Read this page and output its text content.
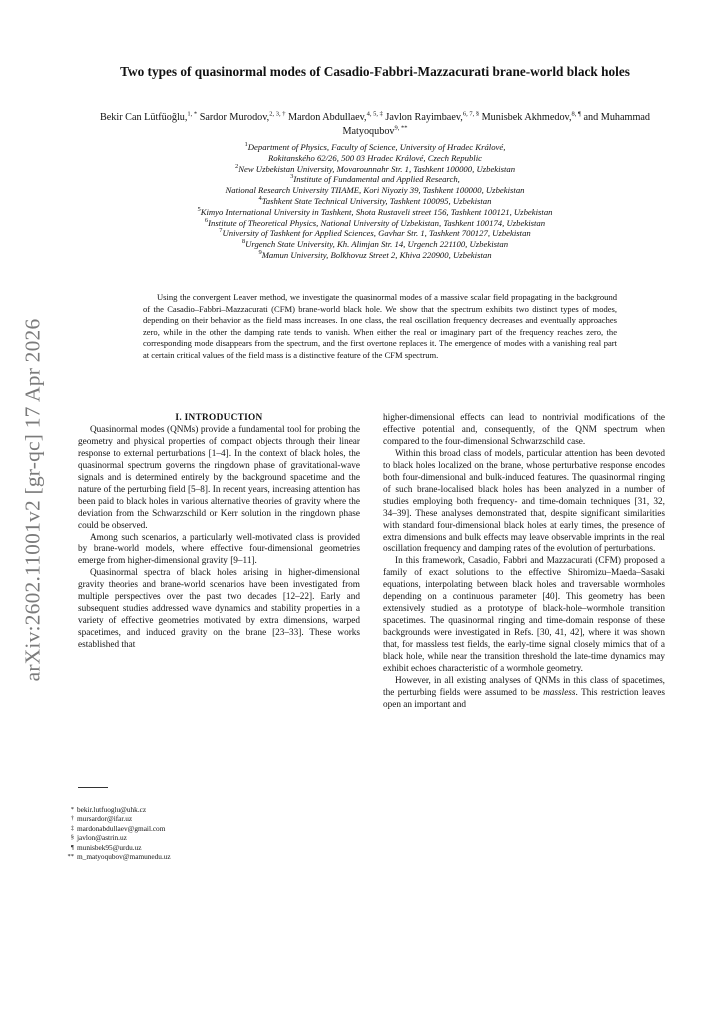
arXiv:2602.11001v2 [gr-qc] 17 Apr 2026
Two types of quasinormal modes of Casadio-Fabbri-Mazzacurati brane-world black holes
Bekir Can Lütfüoğlu,$^{1, *}$ Sardor Murodov,$^{2, 3, \dagger}$ Mardon Abdullaev,$^{4, 5, \ddagger}$ Javlon Rayimbaev,$^{6, 7, \S}$ Munisbek Akhmedov,$^{8, \P}$ and Muhammad Matyoqubov$^{9, **}$
$^1$Department of Physics, Faculty of Science, University of Hradec Králové,
Rokitanského 62/26, 500 03 Hradec Králové, Czech Republic
$^2$New Uzbekistan University, Movarounnahr Str. 1, Tashkent 100000, Uzbekistan
$^3$Institute of Fundamental and Applied Research,
National Research University TIIAME, Kori Niyoziy 39, Tashkent 100000, Uzbekistan
$^4$Tashkent State Technical University, Tashkent 100095, Uzbekistan
$^5$Kimyo International University in Tashkent, Shota Rustaveli street 156, Tashkent 100121, Uzbekistan
$^6$Institute of Theoretical Physics, National University of Uzbekistan, Tashkent 100174, Uzbekistan
$^7$University of Tashkent for Applied Sciences, Gavhar Str. 1, Tashkent 700127, Uzbekistan
$^8$Urgench State University, Kh. Alimjan Str. 14, Urgench 221100, Uzbekistan
$^9$Mamun University, Bolkhovuz Street 2, Khiva 220900, Uzbekistan
Using the convergent Leaver method, we investigate the quasinormal modes of a massive scalar field propagating in the background of the Casadio–Fabbri–Mazzacurati (CFM) brane-world black hole. We show that the spectrum exhibits two distinct types of modes, depending on their behavior as the field mass increases. In one class, the real oscillation frequency decreases and eventually approaches zero, while in the other the damping rate tends to vanish. When either the real or imaginary part of the frequency reaches zero, the corresponding mode disappears from the spectrum, and the first overtone replaces it. The emergence of modes with a vanishing real part at certain critical values of the field mass is a distinctive feature of the CFM spectrum.

I. INTRODUCTION

Quasinormal modes (QNMs) provide a fundamental tool for probing the geometry and physical properties of compact objects through their linear response to external perturbations [1–4]. In the context of black holes, the quasinormal spectrum governs the ringdown phase of gravitational-wave signals and is determined entirely by the background spacetime and the nature of the perturbing field [5–8]. In recent years, increasing attention has been paid to black holes in various alternative theories of gravity where the deviation from the Schwarzschild or Kerr solution in the ringdown phase could be observed.

Among such scenarios, a particularly well-motivated class is provided by brane-world models, where effective four-dimensional geometries emerge from higher-dimensional gravity [9–11].

Quasinormal spectra of black holes arising in higher-dimensional gravity theories and brane-world scenarios have been investigated from multiple perspectives over the past two decades [12–22]. Early and subsequent studies addressed wave dynamics and stability properties in a variety of effective geometries motivated by extra dimensions, warped spacetimes, and induced gravity on the brane [23–33]. These works established that

higher-dimensional effects can lead to nontrivial modifications of the effective potential and, consequently, of the QNM spectrum when compared to the four-dimensional Schwarzschild case.

Within this broad class of models, particular attention has been devoted to black holes localized on the brane, whose perturbative response encodes both four-dimensional and bulk-induced features. The quasinormal ringing of such brane-localised black holes has been analyzed in a number of studies employing both frequency- and time-domain techniques [31, 32, 34–39]. These analyses demonstrated that, despite significant similarities with standard four-dimensional black holes at early times, the presence of extra dimensions and bulk effects may leave observable imprints in the real oscillation frequency and damping rates of the evolution of perturbations.

In this framework, Casadio, Fabbri and Mazzacurati (CFM) proposed a family of exact solutions to the effective Shiromizu–Maeda–Sasaki equations, interpolating between black holes and traversable wormholes depending on a continuous parameter [40]. This geometry has been extensively studied as a prototype of black-hole–wormhole transition spacetimes. The quasinormal ringing and time-domain response of these backgrounds were investigated in Refs. [30, 41, 42], where it was shown that, for massless test fields, the early-time signal closely mimics that of a black hole, while near the transition threshold the late-time dynamics may exhibit echoes characteristic of a wormhole geometry.

However, in all existing analyses of QNMs in this class of spacetimes, the perturbing fields were assumed to be massless. This restriction leaves open an important and

* bekir.lutfuoglu@uhk.cz
† mursardor@ifar.uz
‡ mardonabdullaev@gmail.com
§ javlon@astrin.uz
¶ munisbek95@urdu.uz
** m_matyoqubov@mamunedu.uz
